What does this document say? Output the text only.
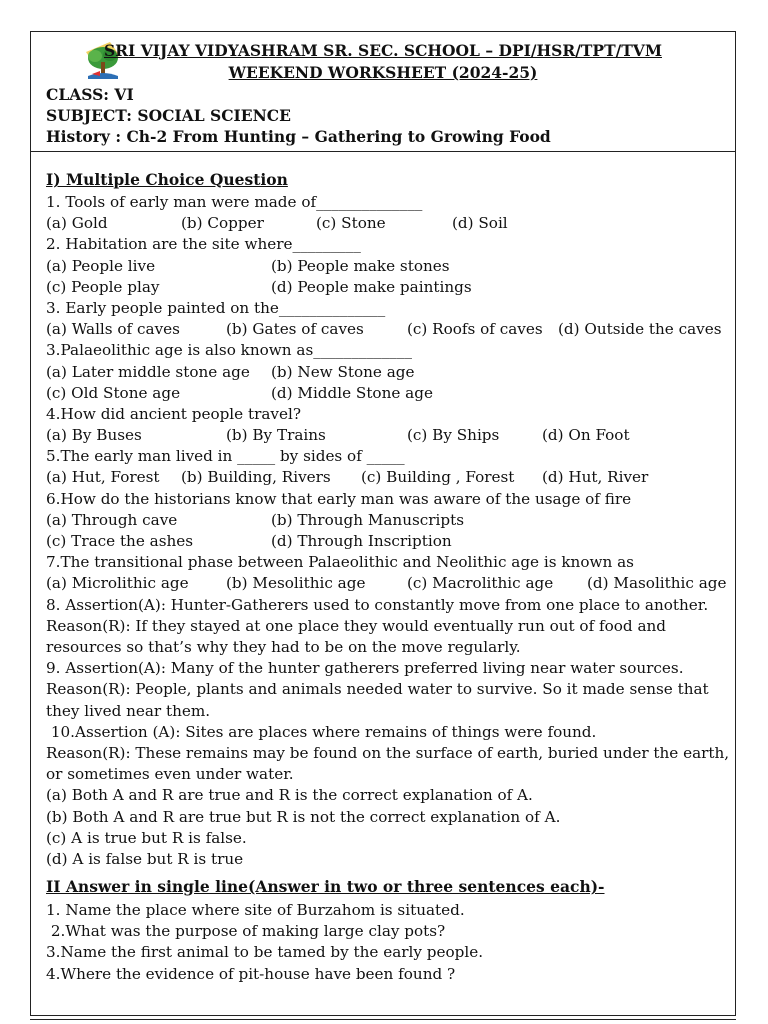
SRI VIJAY VIDYASHRAM SR. SEC. SCHOOL – DPI/HSR/TPT/TVM
WEEKEND WORKSHEET (2024-25)
CLASS: VI
SUBJECT: SOCIAL SCIENCE
History : Ch-2 From Hunting – Gathering to Growing Food
I) Multiple Choice Question
1. Tools of early man were made of______________
(a) Gold	(b) Copper	(c) Stone	(d) Soil
2. Habitation are the site where_________
(a) People live	(b) People make stones
(c) People play	(d) People make paintings
3. Early people painted on the______________
(a) Walls of caves	(b) Gates of caves	(c) Roofs of caves (d) Outside the caves
3.Palaeolithic age is also known as_____________
(a) Later middle stone age (b) New Stone age
(c) Old Stone age	(d) Middle Stone age
4.How did ancient people travel?
(a) By Buses	(b) By Trains	(c) By Ships	(d) On Foot
5.The early man lived in _____ by sides of _____
(a) Hut, Forest (b) Building, Rivers (c) Building , Forest (d) Hut, River
6.How do the historians know that early man was aware of the usage of fire
(a) Through cave	(b) Through Manuscripts
(c) Trace the ashes	(d) Through Inscription
7.The transitional phase between Palaeolithic and Neolithic age is known as
(a) Microlithic age (b) Mesolithic age	(c) Macrolithic age (d) Masolithic age
8. Assertion(A): Hunter-Gatherers used to constantly move from one place to another.
Reason(R): If they stayed at one place they would eventually run out of food and resources so that’s why they had to be on the move regularly.
9. Assertion(A): Many of the hunter gatherers preferred living near water sources.
Reason(R): People, plants and animals needed water to survive. So it made sense that they lived near them.
10.Assertion (A): Sites are places where remains of things were found.
Reason(R): These remains may be found on the surface of earth, buried under the earth, or sometimes even under water.
(a) Both A and R are true and R is the correct explanation of A.
(b) Both A and R are true but R is not the correct explanation of A.
(c) A is true but R is false.
(d) A is false but R is true
II Answer in single line(Answer in two or three sentences each)-
1. Name the place where site of Burzahom is situated.
2.What was the purpose of making large clay pots?
3.Name the first animal to be tamed by the early people.
4.Where the evidence of pit-house have been found ?
